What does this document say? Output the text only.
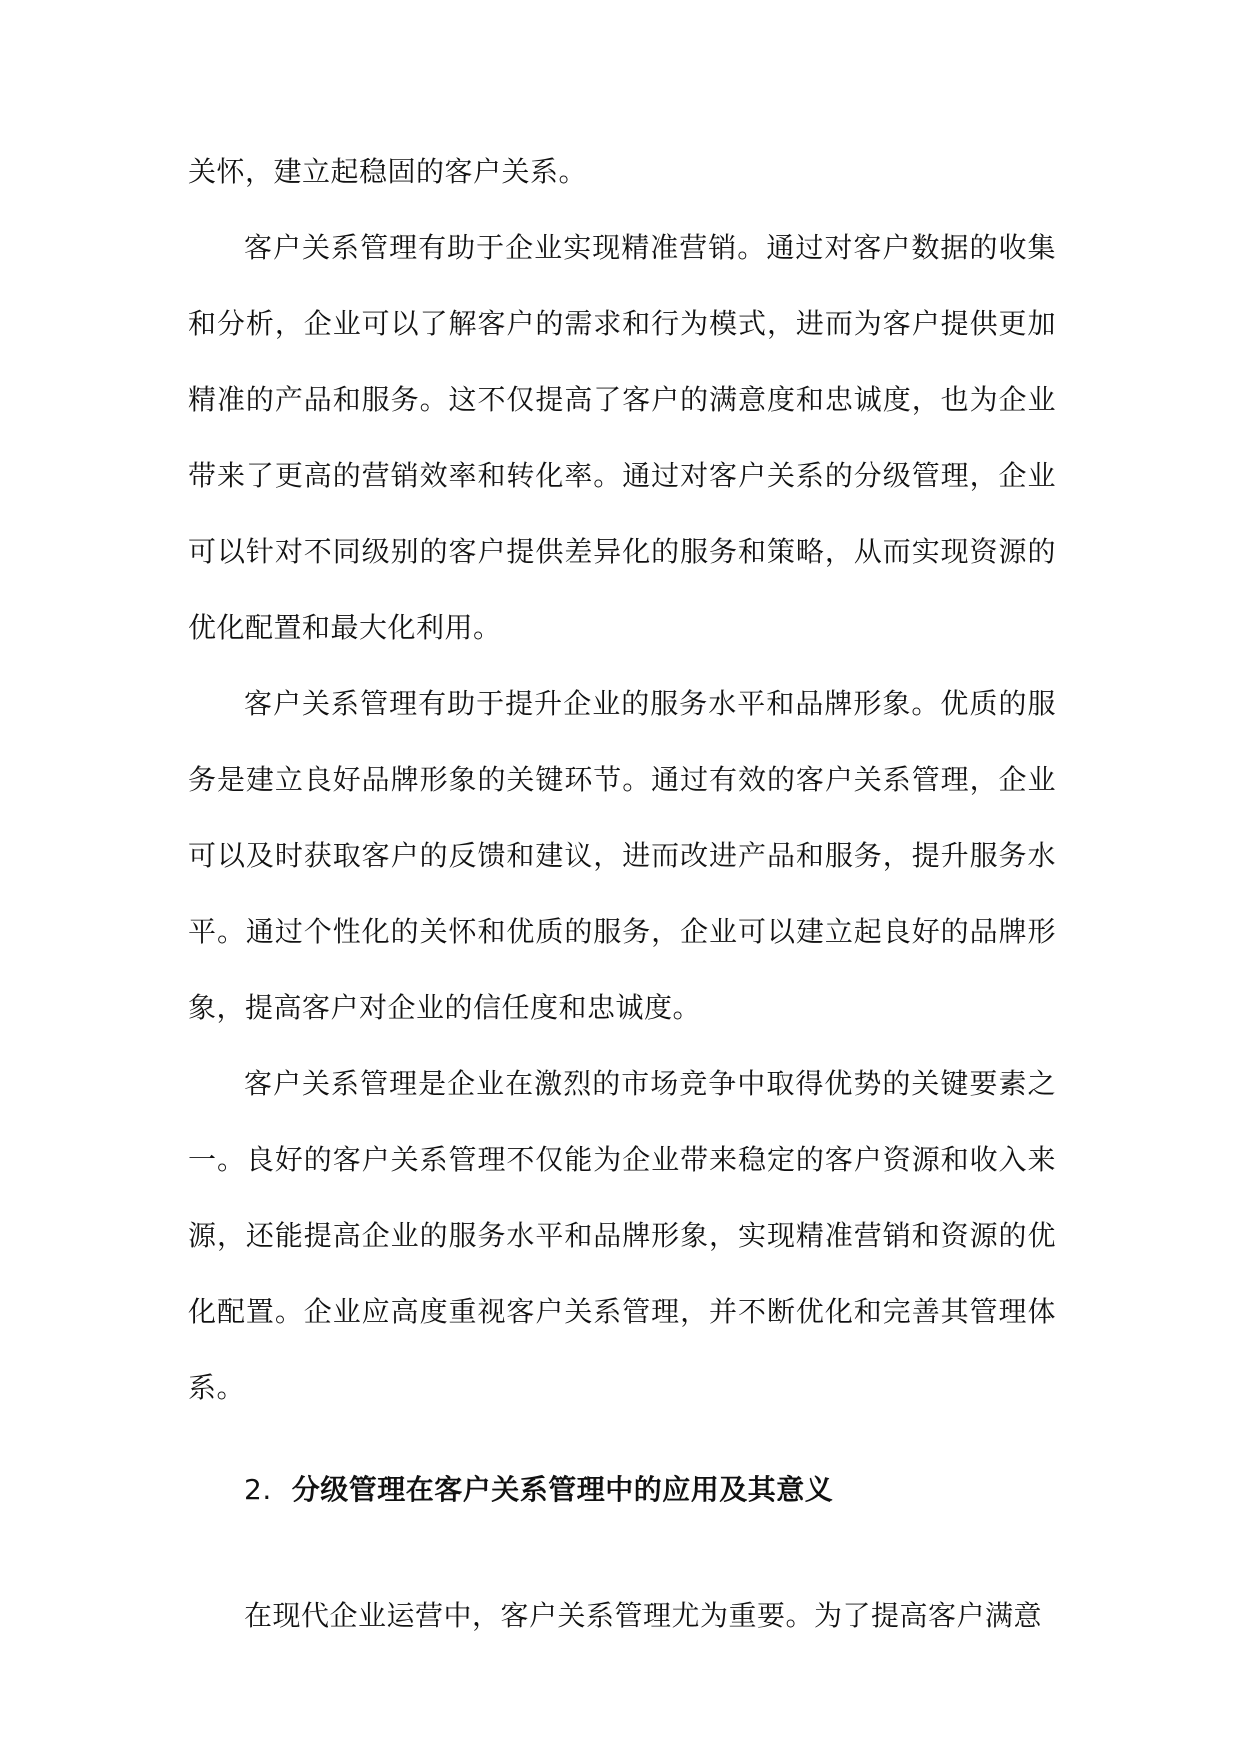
关怀，建立起稳固的客户关系。

客户关系管理有助于企业实现精准营销。通过对客户数据的收集和分析，企业可以了解客户的需求和行为模式，进而为客户提供更加精准的产品和服务。这不仅提高了客户的满意度和忠诚度，也为企业带来了更高的营销效率和转化率。通过对客户关系的分级管理，企业可以针对不同级别的客户提供差异化的服务和策略，从而实现资源的优化配置和最大化利用。

客户关系管理有助于提升企业的服务水平和品牌形象。优质的服务是建立良好品牌形象的关键环节。通过有效的客户关系管理，企业可以及时获取客户的反馈和建议，进而改进产品和服务，提升服务水平。通过个性化的关怀和优质的服务，企业可以建立起良好的品牌形象，提高客户对企业的信任度和忠诚度。

客户关系管理是企业在激烈的市场竞争中取得优势的关键要素之一。良好的客户关系管理不仅能为企业带来稳定的客户资源和收入来源，还能提高企业的服务水平和品牌形象，实现精准营销和资源的优化配置。企业应高度重视客户关系管理，并不断优化和完善其管理体系。

2. 分级管理在客户关系管理中的应用及其意义

在现代企业运营中，客户关系管理尤为重要。为了提高客户满意
